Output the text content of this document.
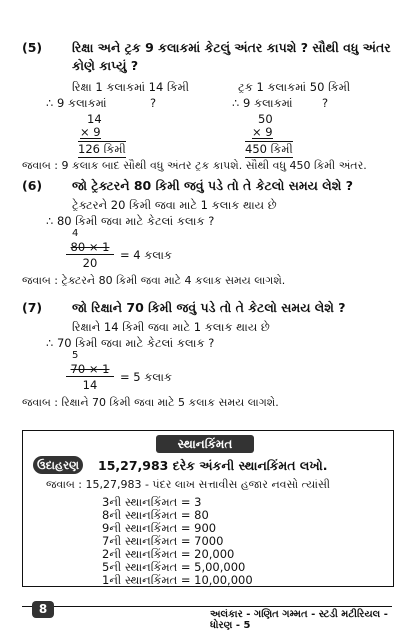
(5) રિક્ષા અને ટ્રક 9 કલાકમાં કેટલું અંતર કાપશે ? સૌથી વધુ અંતર
કોણે કાપ્યું ?
રિક્ષા 1 કલાકમાં 14 કિમી	ટ્રક 1 કલાકમાં 50 કિમી
∴ 9 કલાકમાં	?	∴ 9 કલાકમાં	?
14
× 9
126 કિમી
50
× 9
450 કિમી
જવાબ : 9 કલાક બાદ સૌથી વધુ અંતર ટ્રક કાપશે. સૌથી વધુ 450 કિમી અંતર.
(6) જો ટ્રેક્ટરને 80 કિમી જવું પડે તો તે કેટલો સમય લેશે ?
ટ્રેક્ટરને 20 કિમી જવા માટે 1 કલાક થાય છે
∴ 80 કિમી જવા માટે કેટલાં કલાક ?
4
80 × 1
20
= 4 કલાક
જવાબ : ટ્રેક્ટરને 80 કિમી જવા માટે 4 કલાક સમય લાગશે.
(7) જો રિક્ષાને 70 કિમી જવું પડે તો તે કેટલો સમય લેશે ?
રિક્ષાને 14 કિમી જવા માટે 1 કલાક થાય છે
∴ 70 કિમી જવા માટે કેટલાં કલાક ?
5
70 × 1
14
= 5 કલાક
જવાબ : રિક્ષાને 70 કિમી જવા માટે 5 કલાક સમય લાગશે.
સ્થાનકિંમત
ઉદાહરણ	15,27,983 દરેક અંકની સ્થાનકિંમત લખો.
જવાબ : 15,27,983 - પંદર લાખ સત્તાવીસ હજાર નવસો ત્યાંસી
3ની સ્થાનકિંમત = 3
8ની સ્થાનકિંમત = 80
9ની સ્થાનકિંમત = 900
7ની સ્થાનકિંમત = 7000
2ની સ્થાનકિંમત = 20,000
5ની સ્થાનકિંમત = 5,00,000
1ની સ્થાનકિંમત = 10,00,000
8	અલંકાર - ગણિત ગમ્મત - સ્ટડી મટીરિયલ - ધોરણ - 5
